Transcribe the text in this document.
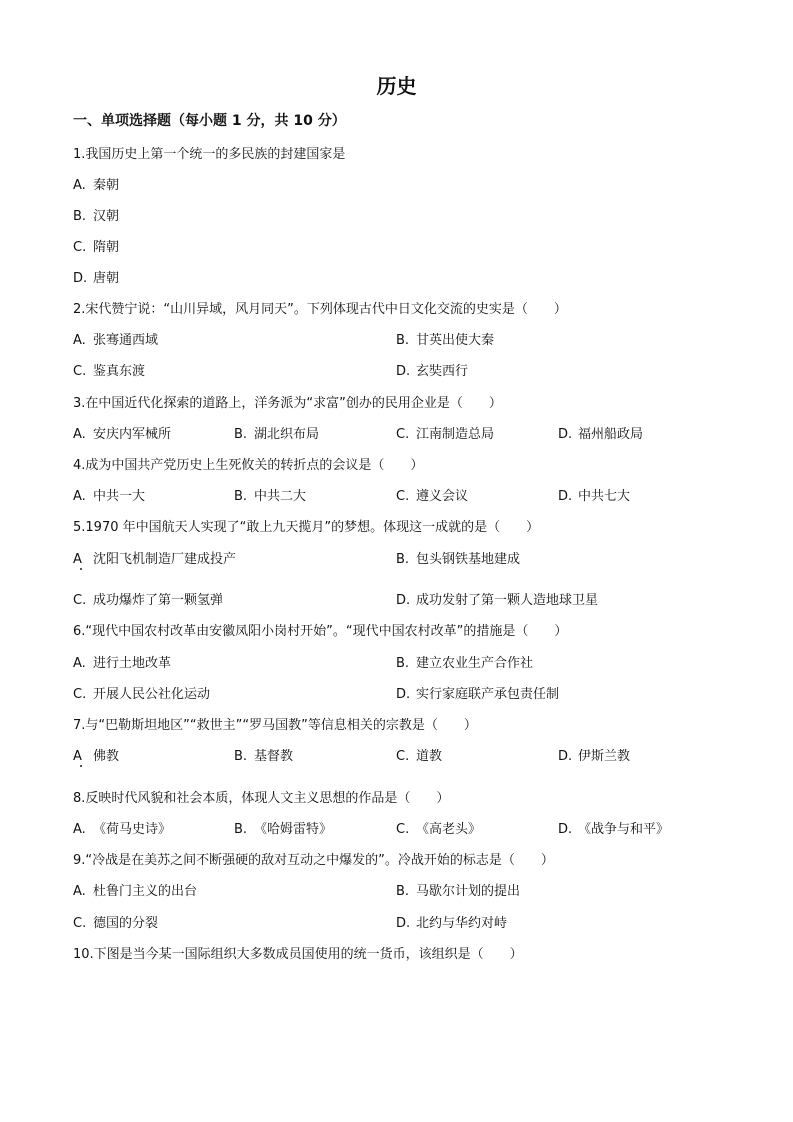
历史
一、单项选择题（每小题 1 分，共 10 分）
1.我国历史上第一个统一的多民族的封建国家是
A. 秦朝
B. 汉朝
C. 隋朝
D. 唐朝
2.宋代赞宁说：“山川异域，风月同天”。下列体现古代中日文化交流的史实是（　　）
A. 张骞通西域	B. 甘英出使大秦
C. 鉴真东渡	D. 玄奘西行
3.在中国近代化探索的道路上，洋务派为“求富”创办的民用企业是（　　）
A. 安庆内军械所	B. 湖北织布局	C. 江南制造总局	D. 福州船政局
4.成为中国共产党历史上生死攸关的转折点的会议是（　　）
A. 中共一大	B. 中共二大	C. 遵义会议	D. 中共七大
5.1970 年中国航天人实现了“敢上九天揽月”的梦想。体现这一成就的是（　　）
A 沈阳飞机制造厂建成投产	B. 包头钢铁基地建成
C. 成功爆炸了第一颗氢弹	D. 成功发射了第一颗人造地球卫星
6.“现代中国农村改革由安徽凤阳小岗村开始”。“现代中国农村改革”的措施是（　　）
A. 进行土地改革	B. 建立农业生产合作社
C. 开展人民公社化运动	D. 实行家庭联产承包责任制
7.与“巴勒斯坦地区”“救世主”“罗马国教”等信息相关的宗教是（　　）
A 佛教	B. 基督教	C. 道教	D. 伊斯兰教
8.反映时代风貌和社会本质，体现人文主义思想的作品是（　　）
A. 《荷马史诗》	B. 《哈姆雷特》	C. 《高老头》	D. 《战争与和平》
9.“冷战是在美苏之间不断强硬的敌对互动之中爆发的”。冷战开始的标志是（　　）
A. 杜鲁门主义的出台	B. 马歇尔计划的提出
C. 德国的分裂	D. 北约与华约对峙
10.下图是当今某一国际组织大多数成员国使用的统一货币，该组织是（　　）
